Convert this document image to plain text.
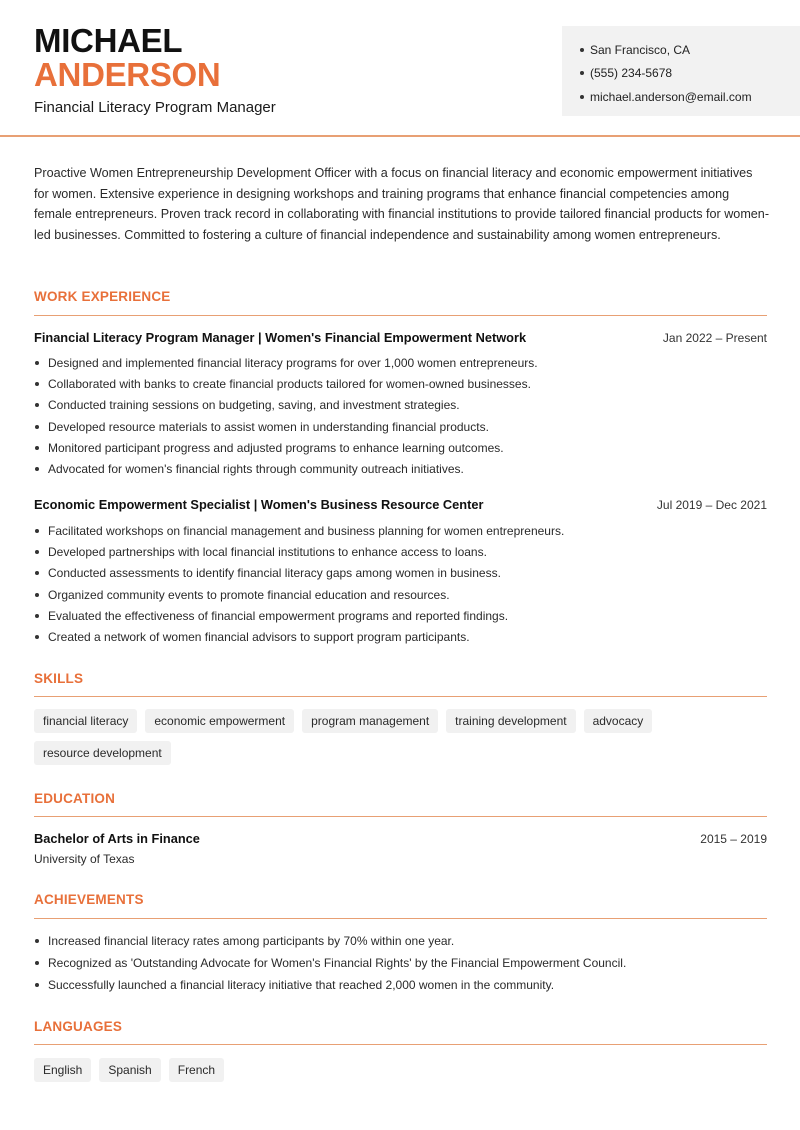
MICHAEL
ANDERSON
Financial Literacy Program Manager
San Francisco, CA
(555) 234-5678
michael.anderson@email.com

Proactive Women Entrepreneurship Development Officer with a focus on financial literacy and economic empowerment initiatives for women. Extensive experience in designing workshops and training programs that enhance financial competencies among female entrepreneurs. Proven track record in collaborating with financial institutions to provide tailored financial products for women-led businesses. Committed to fostering a culture of financial independence and sustainability among women entrepreneurs.

WORK EXPERIENCE
Financial Literacy Program Manager | Women's Financial Empowerment Network	Jan 2022 – Present
Designed and implemented financial literacy programs for over 1,000 women entrepreneurs.
Collaborated with banks to create financial products tailored for women-owned businesses.
Conducted training sessions on budgeting, saving, and investment strategies.
Developed resource materials to assist women in understanding financial products.
Monitored participant progress and adjusted programs to enhance learning outcomes.
Advocated for women's financial rights through community outreach initiatives.
Economic Empowerment Specialist | Women's Business Resource Center	Jul 2019 – Dec 2021
Facilitated workshops on financial management and business planning for women entrepreneurs.
Developed partnerships with local financial institutions to enhance access to loans.
Conducted assessments to identify financial literacy gaps among women in business.
Organized community events to promote financial education and resources.
Evaluated the effectiveness of financial empowerment programs and reported findings.
Created a network of women financial advisors to support program participants.
SKILLS
financial literacy	economic empowerment	program management	training development	advocacy
resource development
EDUCATION
Bachelor of Arts in Finance	2015 – 2019
University of Texas
ACHIEVEMENTS
Increased financial literacy rates among participants by 70% within one year.
Recognized as 'Outstanding Advocate for Women's Financial Rights' by the Financial Empowerment Council.
Successfully launched a financial literacy initiative that reached 2,000 women in the community.
LANGUAGES
English	Spanish	French
